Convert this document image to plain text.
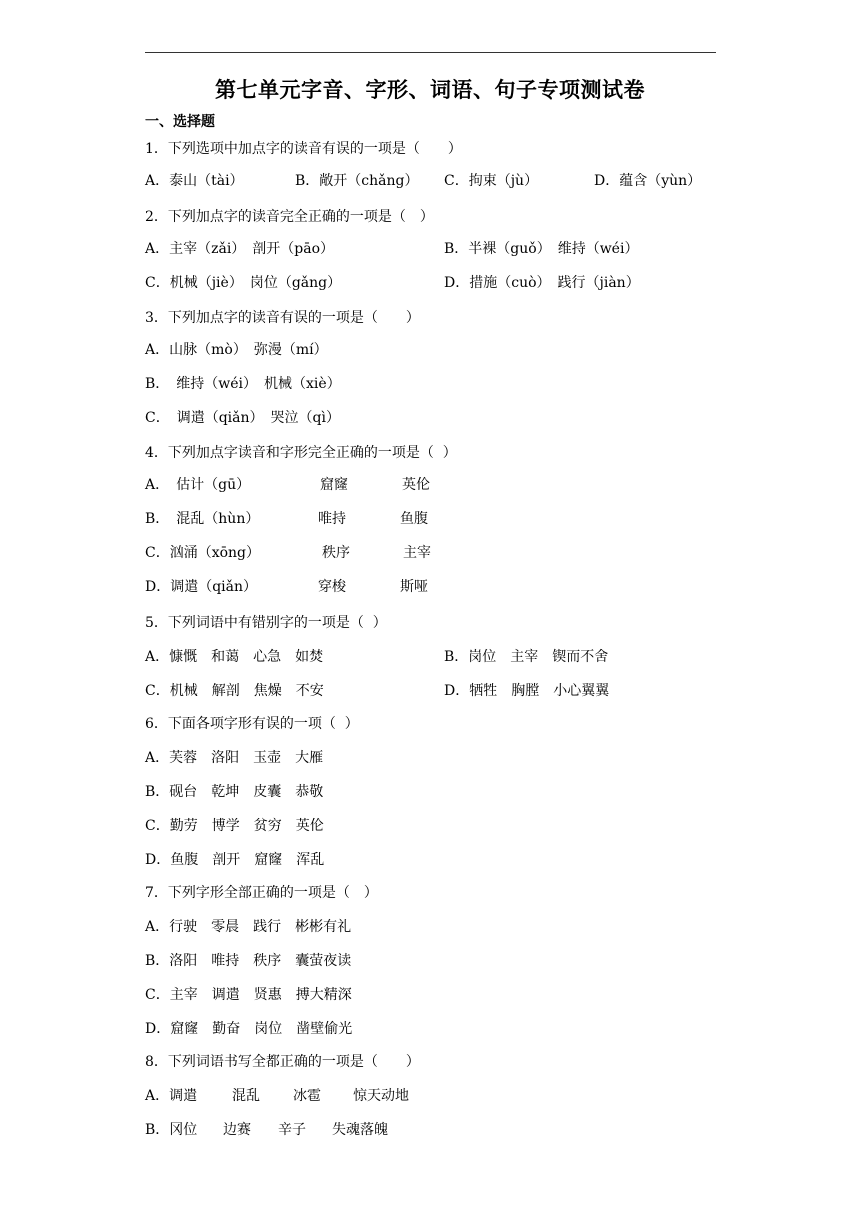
第七单元字音、字形、词语、句子专项测试卷
一、选择题
1．下列选项中加点字的读音有误的一项是（　　）
A．泰山（tài）	B．敞开（chǎng） C．拘束（jù）	D．蕴含（yùn）
2．下列加点字的读音完全正确的一项是（　）
A．主宰（zǎi）　剖开（pāo）	B．半裸（guǒ）　维持（wéi）
C．机械（jiè）　岗位（gǎng）	D．措施（cuò）　践行（jiàn）
3．下列加点字的读音有误的一项是（　　）
A．山脉（mò）　弥漫（mí）
B．　维持（wéi）　机械（xiè）
C．　调遣（qiǎn）　哭泣（qì）
4．下列加点字读音和字形完全正确的一项是（  ）
A．　估计（gū）	窟窿	英伦
B．　混乱（hùn）	唯持	鱼腹
C．汹涌（xōng）	秩序	主宰
D．调遣（qiǎn）	穿梭	斯哑
5．下列词语中有错别字的一项是（  ）
A．慷慨　和蔼　心急　如焚	B．岗位　主宰　锲而不舍
C．机械　解剖　焦燥　不安	D．牺牲　胸膛　小心翼翼
6．下面各项字形有误的一项（  ）
A．芙蓉　洛阳　玉壶　大雁
B．砚台　乾坤　皮囊　恭敬
C．勤劳　博学　贫穷　英伦
D．鱼腹　剖开　窟窿　浑乱
7．下列字形全部正确的一项是（　）
A．行驶　零晨　践行　彬彬有礼
B．洛阳　唯持　秩序　囊萤夜读
C．主宰　调遣　贤惠　搏大精深
D．窟窿　勤奋　岗位　凿壁偷光
8．下列词语书写全都正确的一项是（　　）
A．调遣 混乱 冰雹 惊天动地
B．冈位 边赛 辛子 失魂落魄
